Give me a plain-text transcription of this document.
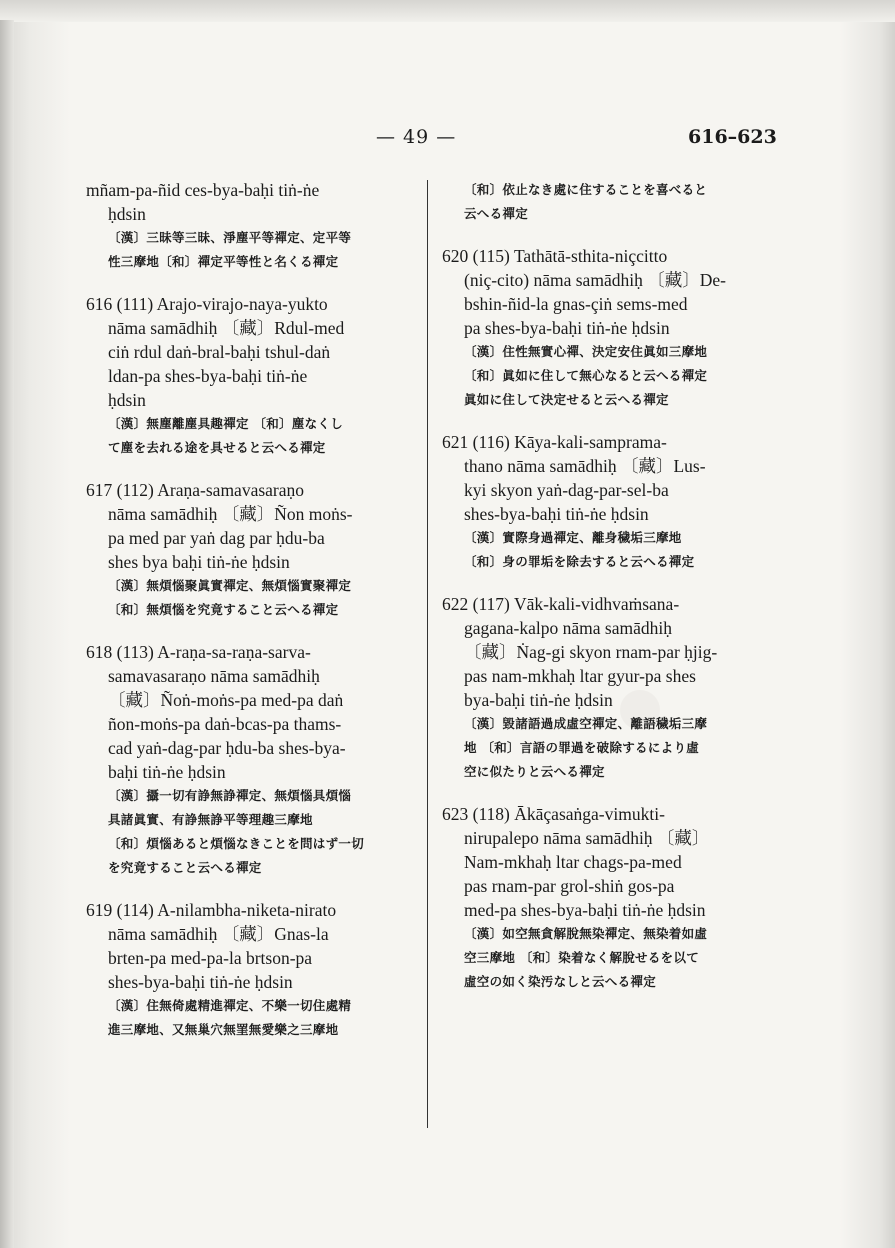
— 49 —	616–623

mñam-pa-ñid ces-bya-baḥi tiṅ-ṅe

ḥdsin

〔漢〕三昧等三昧、淨塵平等禪定、定平等

性三摩地〔和〕禪定平等性と名くる禪定

616 (111) Arajo-virajo-naya-yukto

nāma samādhiḥ 〔藏〕Rdul-med

ciṅ rdul daṅ-bral-baḥi tshul-daṅ

ldan-pa shes-bya-baḥi tiṅ-ṅe

ḥdsin

〔漢〕無塵離塵具趣禪定 〔和〕塵なくし

て塵を去れる途を具せると云へる禪定

617 (112) Araṇa-samavasaraṇo

nāma samādhiḥ 〔藏〕Ñon moṅs-

pa med par yaṅ dag par ḥdu-ba

shes bya baḥi tiṅ-ṅe ḥdsin

〔漢〕無煩惱聚眞實禪定、無煩惱實聚禪定

〔和〕無煩惱を究竟すること云へる禪定

618 (113) A-raṇa-sa-raṇa-sarva-

samavasaraṇo nāma samādhiḥ

〔藏〕Ñoṅ-moṅs-pa med-pa daṅ

ñon-moṅs-pa daṅ-bcas-pa thams-

cad yaṅ-dag-par ḥdu-ba shes-bya-

baḥi tiṅ-ṅe ḥdsin

〔漢〕攝一切有諍無諍禪定、無煩惱具煩惱

具諸眞實、有諍無諍平等理趣三摩地

〔和〕煩惱あると煩惱なきことを問はず一切

を究竟すること云へる禪定

619 (114) A-nilambha-niketa-nirato

nāma samādhiḥ 〔藏〕Gnas-la

brten-pa med-pa-la brtson-pa

shes-bya-baḥi tiṅ-ṅe ḥdsin

〔漢〕住無倚處精進禪定、不樂一切住處精

進三摩地、又無巢穴無罣無愛樂之三摩地

〔和〕依止なき處に住することを喜べると

云へる禪定

620 (115) Tathātā-sthita-niçcitto

(niç-cito) nāma samādhiḥ 〔藏〕De-

bshin-ñid-la gnas-çiṅ sems-med

pa shes-bya-baḥi tiṅ-ṅe ḥdsin

〔漢〕住性無實心禪、決定安住眞如三摩地

〔和〕眞如に住して無心なると云へる禪定

眞如に住して決定せると云へる禪定

621 (116) Kāya-kali-samprama-

thano nāma samādhiḥ 〔藏〕Lus-

kyi skyon yaṅ-dag-par-sel-ba

shes-bya-baḥi tiṅ-ṅe ḥdsin

〔漢〕實際身過禪定、離身穢垢三摩地

〔和〕身の罪垢を除去すると云へる禪定

622 (117) Vāk-kali-vidhvaṁsana-

gagana-kalpo nāma samādhiḥ

〔藏〕Ṅag-gi skyon rnam-par ḥjig-

pas nam-mkhaḥ ltar gyur-pa shes

bya-baḥi tiṅ-ṅe ḥdsin

〔漢〕毀諸語過成虛空禪定、離語穢垢三摩

地 〔和〕言語の罪過を破除するにより虛

空に似たりと云へる禪定

623 (118) Ākāçasaṅga-vimukti-

nirupalepo nāma samādhiḥ 〔藏〕

Nam-mkhaḥ ltar chags-pa-med

pas rnam-par grol-shiṅ gos-pa

med-pa shes-bya-baḥi tiṅ-ṅe ḥdsin

〔漢〕如空無貪解脫無染禪定、無染着如虛

空三摩地 〔和〕染着なく解脫せるを以て

虛空の如く染汚なしと云へる禪定
